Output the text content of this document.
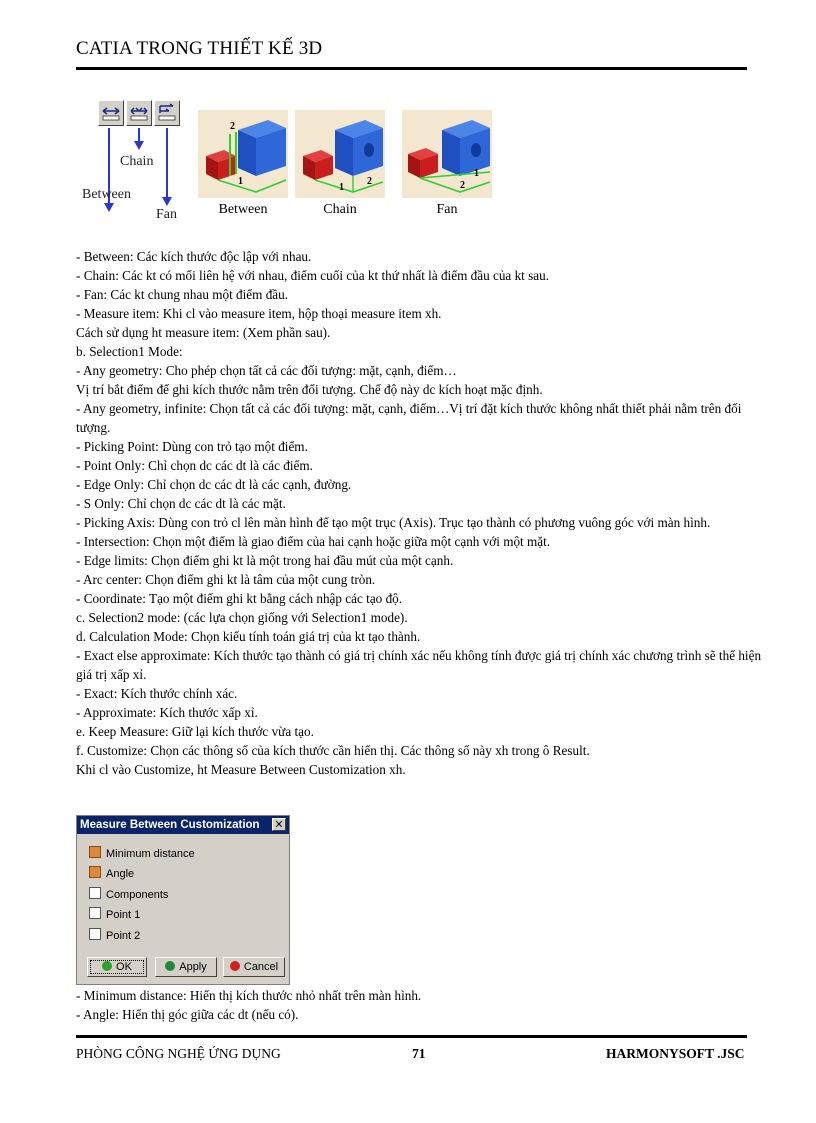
CATIA TRONG THIẾT KẾ 3D
Chain
Between
Fan
1
2
Between
1
2
Chain
2
1
Fan

- Between: Các kích thước độc lập với nhau.

- Chain: Các kt có mối liên hệ với nhau, điểm cuối của kt thứ nhất là điểm đầu của kt sau.

- Fan: Các kt chung nhau một điểm đầu.

- Measure item: Khi cl vào measure item, hộp thoại measure item xh.

Cách sử dụng ht measure item: (Xem phần sau).

b. Selection1 Mode:

- Any geometry: Cho phép chọn tất cả các đối tượng: mặt, cạnh, điểm…

Vị trí bắt điểm để ghi kích thước nằm trên đối tượng. Chế độ này dc kích hoạt mặc định.

- Any geometry, infinite: Chọn tất cả các đối tượng: mặt, cạnh, điểm…Vị trí đặt kích thước không nhất thiết phải nằm trên đối tượng.

- Picking Point: Dùng con trỏ tạo một điểm.

- Point Only: Chỉ chọn dc các dt là các điểm.

- Edge Only: Chỉ chọn dc các dt là các cạnh, đường.

- S Only: Chỉ chọn dc các dt là các mặt.

- Picking Axis: Dùng con trỏ cl lên màn hình để tạo một trục (Axis). Trục tạo thành có phương vuông góc với màn hình.

- Intersection: Chọn một điểm là giao điểm của hai cạnh hoặc giữa một cạnh với một mặt.

- Edge limits: Chọn điểm ghi kt là một trong hai đầu mút của một cạnh.

- Arc center: Chọn điểm ghi kt là tâm của một cung tròn.

- Coordinate: Tạo một điểm ghi kt bằng cách nhập các tạo độ.

c. Selection2 mode: (các lựa chọn giống với Selection1 mode).

d. Calculation Mode: Chọn kiểu tính toán giá trị của kt tạo thành.

- Exact else approximate: Kích thước tạo thành có giá trị chính xác nếu không tính được giá trị chính xác chương trình sẽ thể hiện giá trị xấp xỉ.

- Exact: Kích thước chính xác.

- Approximate: Kích thước xấp xỉ.

e. Keep Measure: Giữ lại kích thước vừa tạo.

f. Customize: Chọn các thông số của kích thước cần hiển thị. Các thông số này xh trong ô Result.

Khi cl vào Customize, ht Measure Between Customization xh.

Measure Between Customization ✕
Minimum distance
Angle
Components
Point 1
Point 2
OK	Apply	Cancel

- Minimum distance: Hiển thị kích thước nhỏ nhất trên màn hình.

- Angle: Hiển thị góc giữa các dt (nếu có).

PHÒNG CÔNG NGHỆ ỨNG DỤNG	71	HARMONYSOFT .JSC
